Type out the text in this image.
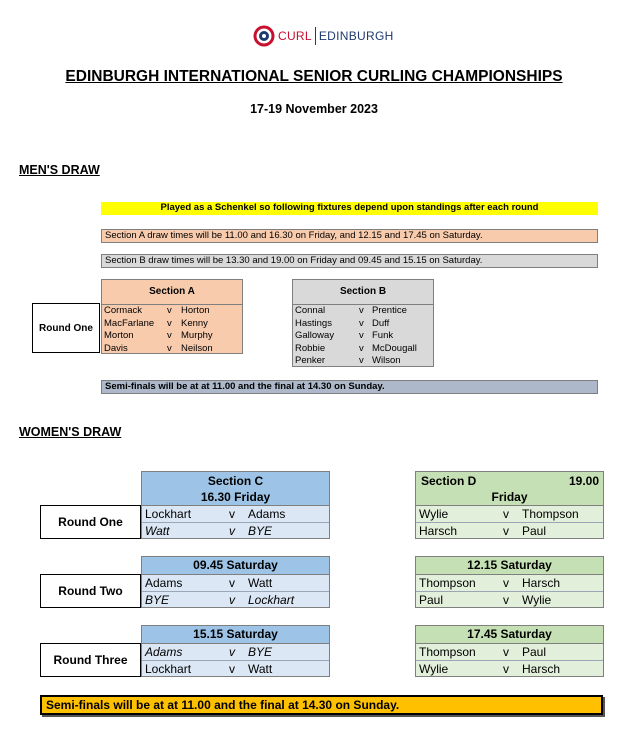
CURL EDINBURGH
EDINBURGH INTERNATIONAL SENIOR CURLING CHAMPIONSHIPS
17-19 November 2023
MEN'S DRAW
Played as a Schenkel so following fixtures depend upon standings after each round
Section A draw times will be 11.00 and 16.30 on Friday, and 12.15 and 17.45 on Saturday.
Section B draw times will be 13.30 and 19.00 on Friday and 09.45 and 15.15 on Saturday.
Round One
Section A
Cormack	v Horton
MacFarlane v Kenny
Morton	v Murphy
Davis	v Neilson
Section B
Connal	v Prentice
Hastings	v Duff
Galloway	v Funk
Robbie	v McDougall
Penker	v Wilson
Semi-finals will be at at 11.00 and the final at 14.30 on Sunday.
WOMEN'S DRAW
Round One
Section C
16.30 Friday
Lockhart	v Adams
Watt	v BYE
Section D	19.00
Friday
Wylie	v Thompson
Harsch	v Paul
Round Two
09.45 Saturday
Adams	v Watt
BYE	v Lockhart
12.15 Saturday
Thompson v Harsch
Paul	v Wylie
Round Three
15.15 Saturday
Adams	v BYE
Lockhart	v Watt
17.45 Saturday
Thompson v Paul
Wylie	v Harsch
Semi-finals will be at at 11.00 and the final at 14.30 on Sunday.
